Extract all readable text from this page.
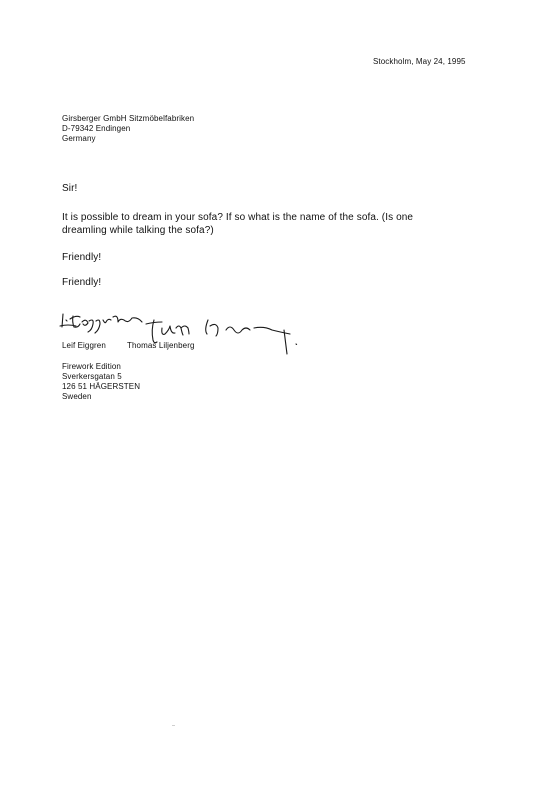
Stockholm, May 24, 1995
Girsberger GmbH Sitzmöbelfabriken
D-79342 Endingen
Germany
Sir!
It is possible to dream in your sofa? If so what is the name of the sofa. (Is one
dreamling while talking the sofa?)
Friendly!
Friendly!
Leif Eiggren	Thomas Liljenberg
Firework Edition
Sverkersgatan 5
126 51 HÄGERSTEN
Sweden
